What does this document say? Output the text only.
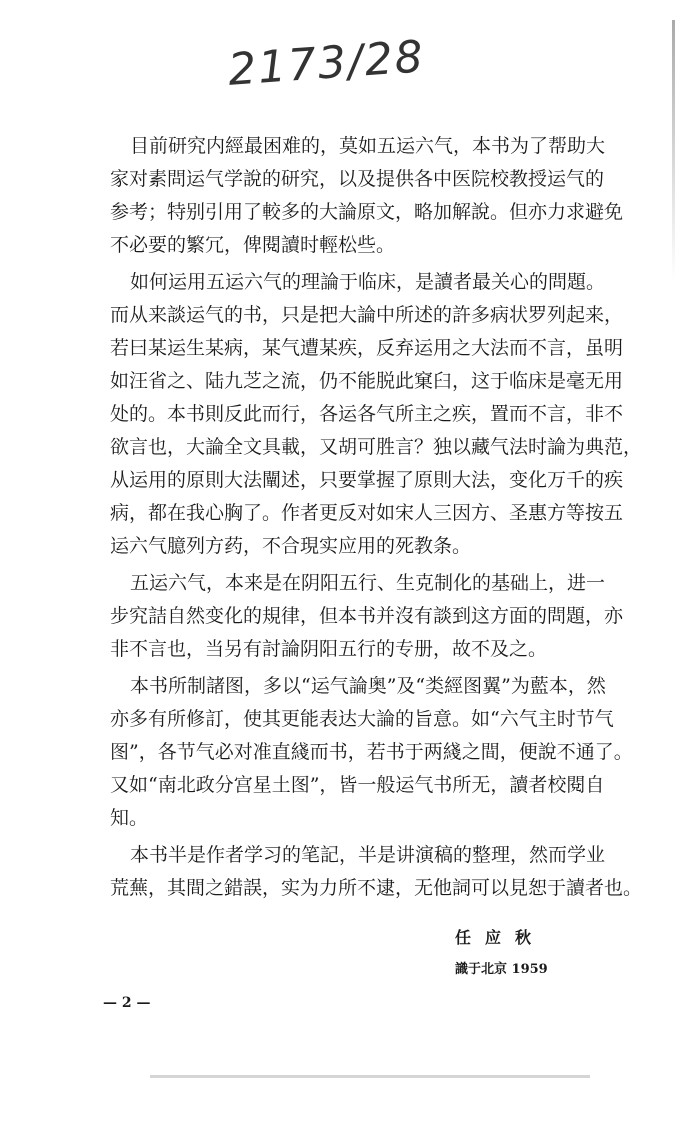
2173/28
目前研究内經最困难的，莫如五运六气，本书为了帮助大
家对素問运气学說的研究，以及提供各中医院校教授运气的
参考；特别引用了較多的大論原文，略加解說。但亦力求避免
不必要的繁冗，俾閱讀时輕松些。
如何运用五运六气的理論于临床，是讀者最关心的問題。
而从来談运气的书，只是把大論中所述的許多病状罗列起来，
若曰某运生某病，某气遭某疾，反弃运用之大法而不言，虽明
如汪省之、陆九芝之流，仍不能脱此窠臼，这于临床是毫无用
处的。本书則反此而行，各运各气所主之疾，置而不言，非不
欲言也，大論全文具載，又胡可胜言？独以藏气法时論为典范，
从运用的原則大法闡述，只要掌握了原則大法，变化万千的疾
病，都在我心胸了。作者更反对如宋人三因方、圣惠方等按五
运六气臆列方药，不合現实应用的死教条。
五运六气，本来是在阴阳五行、生克制化的基础上，进一
步究詰自然变化的規律，但本书并沒有談到这方面的問題，亦
非不言也，当另有討論阴阳五行的专册，故不及之。
本书所制諸图，多以“运气論奥”及“类經图翼”为藍本，然
亦多有所修訂，使其更能表达大論的旨意。如“六气主时节气
图”，各节气必对准直綫而书，若书于两綫之間，便說不通了。
又如“南北政分宫星土图”，皆一般运气书所无，讀者校閱自
知。
本书半是作者学习的笔記，半是讲演稿的整理，然而学业
荒蕪，其間之錯誤，实为力所不逮，无他詞可以見恕于讀者也。
任应秋
識于北京 1959
— 2 —
